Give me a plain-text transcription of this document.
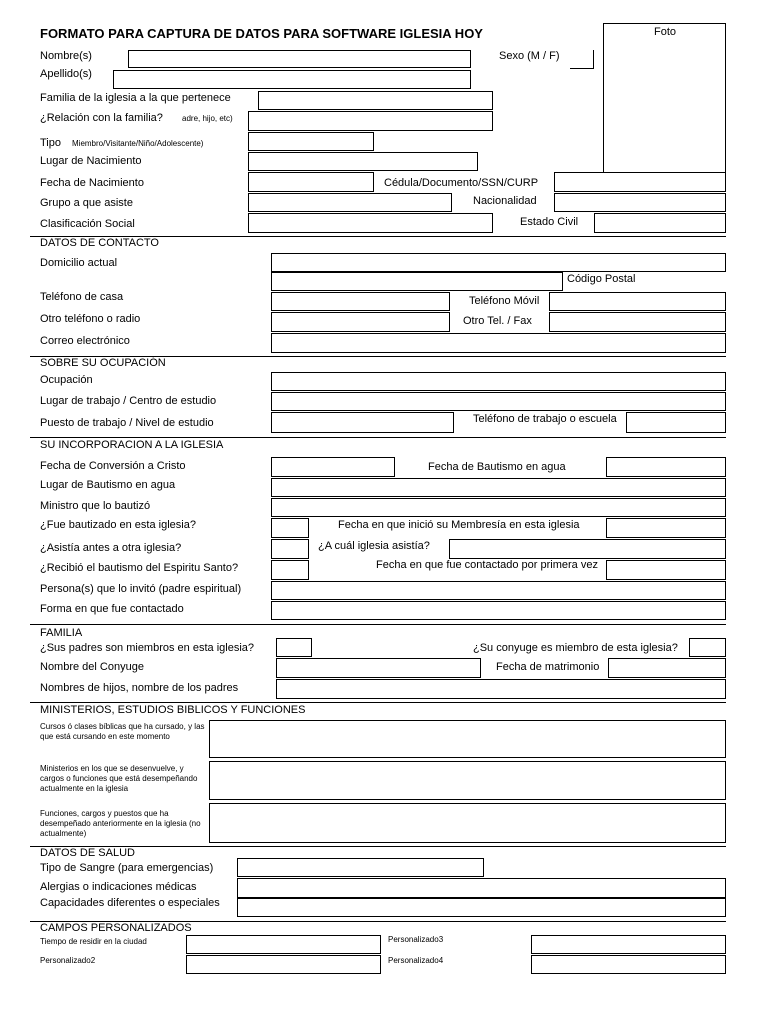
FORMATO PARA CAPTURA DE DATOS PARA SOFTWARE IGLESIA HOY	Foto
Nombre(s)	Sexo (M / F)
Apellido(s)
Familia de la iglesia a la que pertenece
¿Relación con la familia? adre, hijo, etc)
Tipo Miembro/Visitante/Niño/Adolescente)
Lugar de Nacimiento
Fecha de Nacimiento	Cédula/Documento/SSN/CURP
Grupo a que asiste	Nacionalidad
Clasificación Social	Estado Civil
DATOS DE CONTACTO
Domicilio actual
Código Postal
Teléfono de casa	Teléfono Móvil
Otro teléfono o radio	Otro Tel. / Fax
Correo electrónico
SOBRE SU OCUPACIÓN
Ocupación
Lugar de trabajo / Centro de estudio
Puesto de trabajo / Nivel de estudio	Teléfono de trabajo o escuela
SU INCORPORACION A LA IGLESIA
Fecha de Conversión a Cristo	Fecha de Bautismo en agua
Lugar de Bautismo en agua
Ministro que lo bautizó
¿Fue bautizado en esta iglesia?	Fecha en que inició su Membresía en esta iglesia
¿Asistía antes a otra iglesia?	¿A cuál iglesia asistía?
¿Recibió el bautismo del Espiritu Santo?	Fecha en que fue contactado por primera vez
Persona(s) que lo invitó (padre espiritual)
Forma en que fue contactado
FAMILIA
¿Sus padres son miembros en esta iglesia?	¿Su conyuge es miembro de esta iglesia?
Nombre del Conyuge	Fecha de matrimonio
Nombres de hijos, nombre de los padres
MINISTERIOS, ESTUDIOS BIBLICOS Y FUNCIONES
Cursos ó clases bíblicas que ha cursado, y las que está cursando en este momento
Ministerios en los que se desenvuelve, y cargos o funciones que está desempeñando actualmente en la iglesia
Funciones, cargos y puestos que ha desempeñado anteriormente en la iglesia (no actualmente)
DATOS DE SALUD
Tipo de Sangre (para emergencias)
Alergias o indicaciones médicas
Capacidades diferentes o especiales
CAMPOS PERSONALIZADOS
Tiempo de residir en la ciudad	Personalizado3
Personalizado2	Personalizado4
